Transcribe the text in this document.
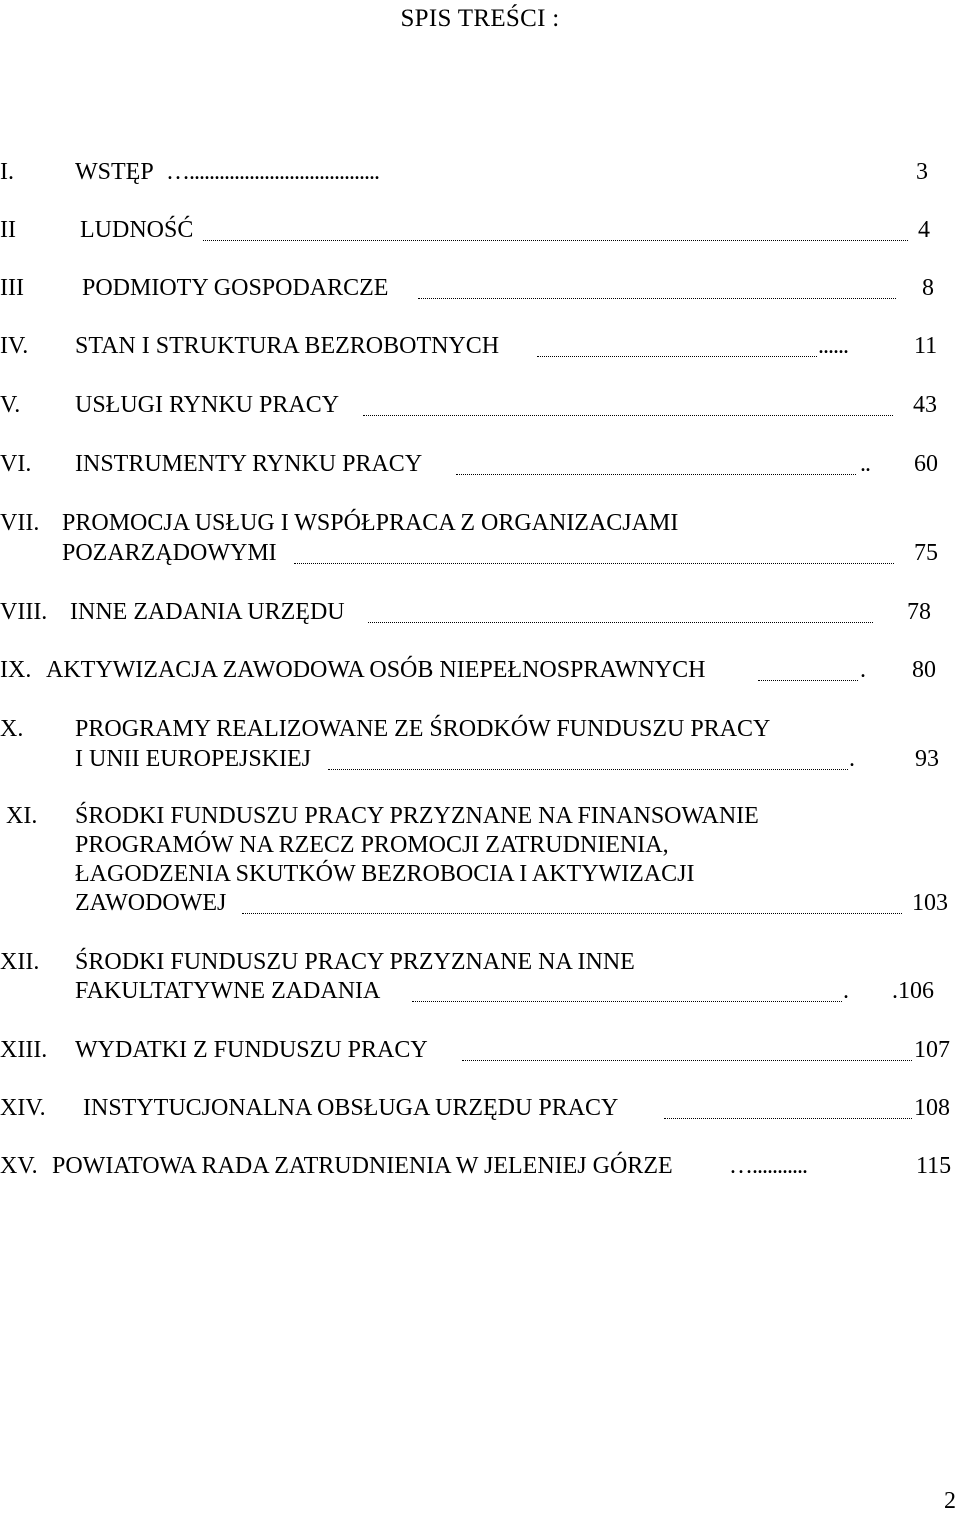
SPIS TREŚCI :
I.	WSTĘP …......................................	3
II	LUDNOŚĆ	4
III PODMIOTY GOSPODARCZE	8
IV. STAN I STRUKTURA BEZROBOTNYCH	......	11
V. USŁUGI RYNKU PRACY	43
VI. INSTRUMENTY RYNKU PRACY	.. 60
VII. PROMOCJA USŁUG I WSPÓŁPRACA Z ORGANIZACJAMI
POZARZĄDOWYMI	75
VIII. INNE ZADANIA URZĘDU	78
IX. AKTYWIZACJA ZAWODOWA OSÓB NIEPEŁNOSPRAWNYCH	. 80
X. PROGRAMY REALIZOWANE ZE ŚRODKÓW FUNDUSZU PRACY
I UNII EUROPEJSKIEJ	.	93
XI. ŚRODKI FUNDUSZU PRACY PRZYZNANE NA FINANSOWANIE
PROGRAMÓW NA RZECZ PROMOCJI ZATRUDNIENIA,
ŁAGODZENIA SKUTKÓW BEZROBOCIA I AKTYWIZACJI
ZAWODOWEJ	103
XII. ŚRODKI FUNDUSZU PRACY PRZYZNANE NA INNE
FAKULTATYWNE ZADANIA	. .106
XIII. WYDATKI Z FUNDUSZU PRACY	107
XIV. INSTYTUCJONALNA OBSŁUGA URZĘDU PRACY	108
XV. POWIATOWA RADA ZATRUDNIENIA W JELENIEJ GÓRZE …...........	115
2
